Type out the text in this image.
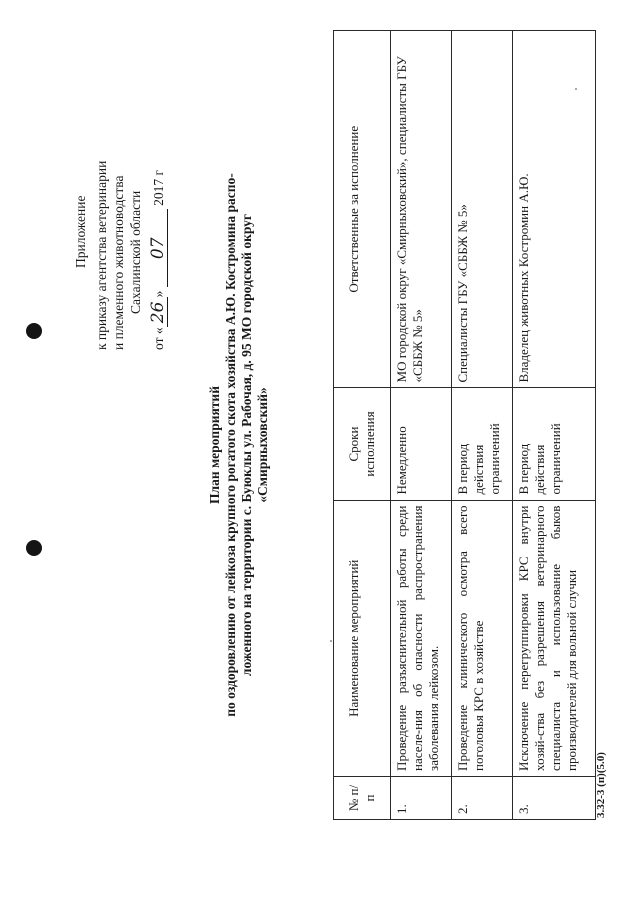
Приложение к приказу агентства ветеринарии и племенного животноводства Сахалинской области
от «26» 07 2017 г
План мероприятий по оздоровлению от лейкоза крупного рогатого скота хозяйства А.Ю. Костромина распо- ложенного на территории с. Буюклы ул. Рабочая, д. 95 МО городской округ «Смирныховский»
№ п/п	Наименование мероприятий	Сроки исполнения	Ответственные за исполнение
1.	Проведение разъяснительной работы среди населе-ния об опасности распространения заболевания лейкозом.	Немедленно	МО городской округ «Смирныховский», специалисты ГБУ «СББЖ № 5»
2.	Проведение клинического осмотра всего поголовья КРС в хозяйстве	В период действия ограничений	Специалисты ГБУ «СББЖ № 5»
3.	Исключение перегруппировки КРС внутри хозяй-ства без разрешения ветеринарного специалиста и использование быков производителей для вольной случки	В период действия ограничений	Владелец животных Костромин А.Ю.
3.32-3 (п)(5.0)
